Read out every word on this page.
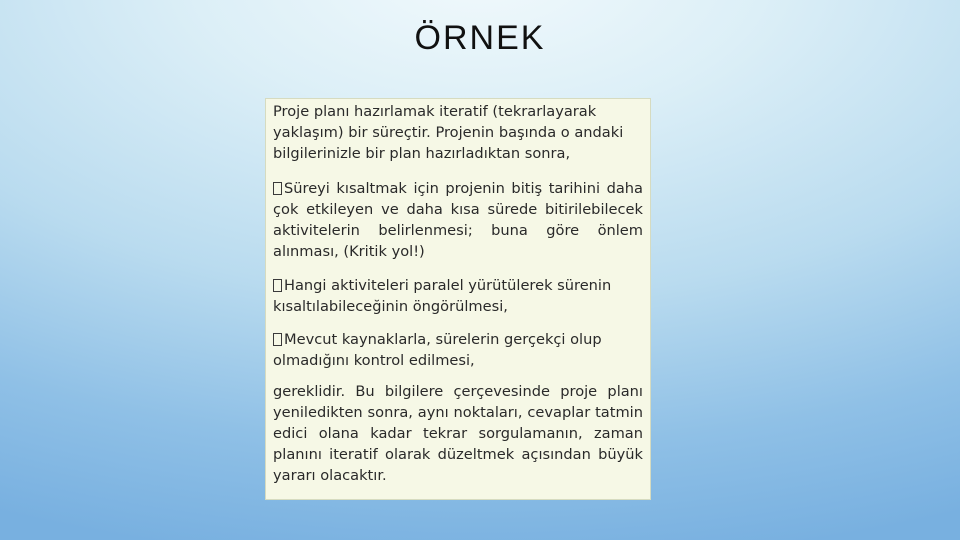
ÖRNEK

Proje planı hazırlamak iteratif (tekrarlayarak yaklaşım) bir süreçtir. Projenin başında o andaki bilgilerinizle bir plan hazırladıktan sonra,

Süreyi kısaltmak için projenin bitiş tarihini daha çok etkileyen ve daha kısa sürede bitirilebilecek aktivitelerin belirlenmesi; buna göre önlem alınması, (Kritik yol!)

Hangi aktiviteleri paralel yürütülerek sürenin kısaltılabileceğinin öngörülmesi,

Mevcut kaynaklarla, sürelerin gerçekçi olup olmadığını kontrol edilmesi,

gereklidir. Bu bilgilere çerçevesinde proje planı yeniledikten sonra, aynı noktaları, cevaplar tatmin edici olana kadar tekrar sorgulamanın, zaman planını iteratif olarak düzeltmek açısından büyük yararı olacaktır.
